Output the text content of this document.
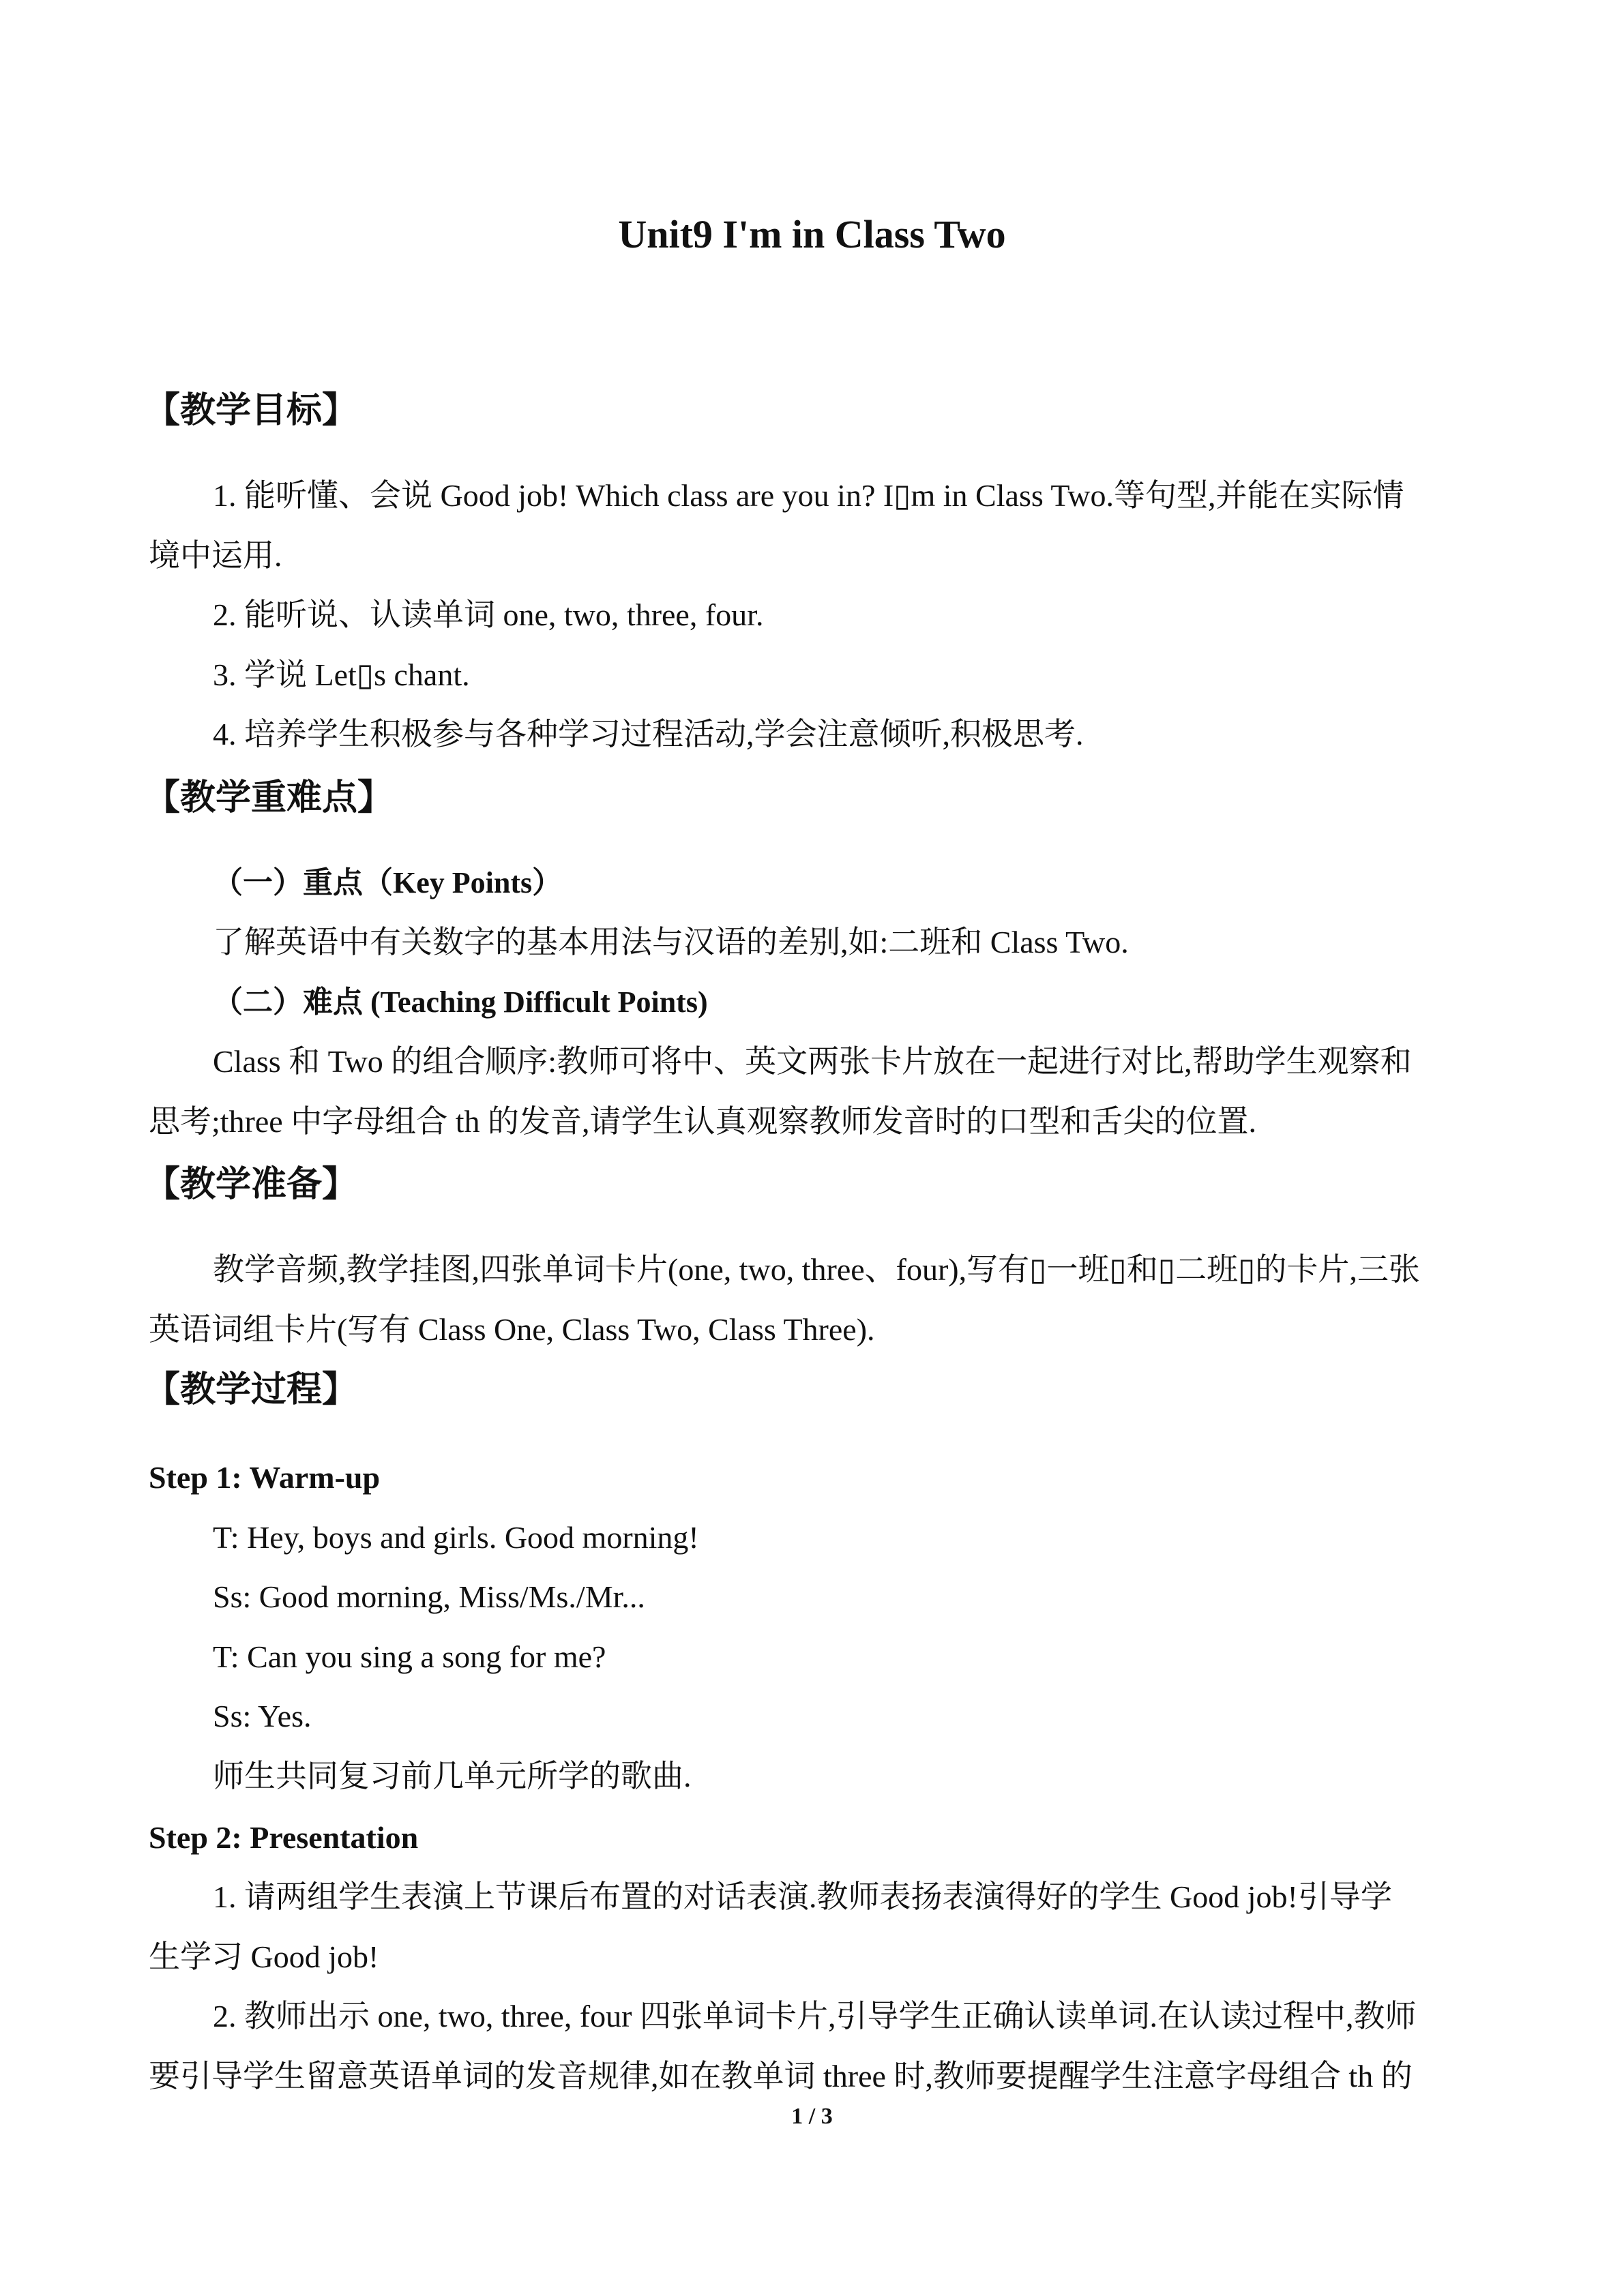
Unit9 I'm in Class Two
【教学目标】
1. 能听懂、会说 Good job! Which class are you in? I▯m in Class Two.等句型,并能在实际情
境中运用.
2. 能听说、认读单词 one, two, three, four.
3. 学说 Let▯s chant.
4. 培养学生积极参与各种学习过程活动,学会注意倾听,积极思考.
【教学重难点】
（一）重点（Key Points）
了解英语中有关数字的基本用法与汉语的差别,如:二班和 Class Two.
（二）难点 (Teaching Difficult Points)
Class 和 Two 的组合顺序:教师可将中、英文两张卡片放在一起进行对比,帮助学生观察和
思考;three 中字母组合 th 的发音,请学生认真观察教师发音时的口型和舌尖的位置.
【教学准备】
教学音频,教学挂图,四张单词卡片(one, two, three、four),写有▯一班▯和▯二班▯的卡片,三张
英语词组卡片(写有 Class One, Class Two, Class Three).
【教学过程】
Step 1: Warm-up
T: Hey, boys and girls. Good morning!
Ss: Good morning, Miss/Ms./Mr...
T: Can you sing a song for me?
Ss: Yes.
师生共同复习前几单元所学的歌曲.
Step 2: Presentation
1. 请两组学生表演上节课后布置的对话表演.教师表扬表演得好的学生 Good job!引导学
生学习 Good job!
2. 教师出示 one, two, three, four 四张单词卡片,引导学生正确认读单词.在认读过程中,教师
要引导学生留意英语单词的发音规律,如在教单词 three 时,教师要提醒学生注意字母组合 th 的
1 / 3
